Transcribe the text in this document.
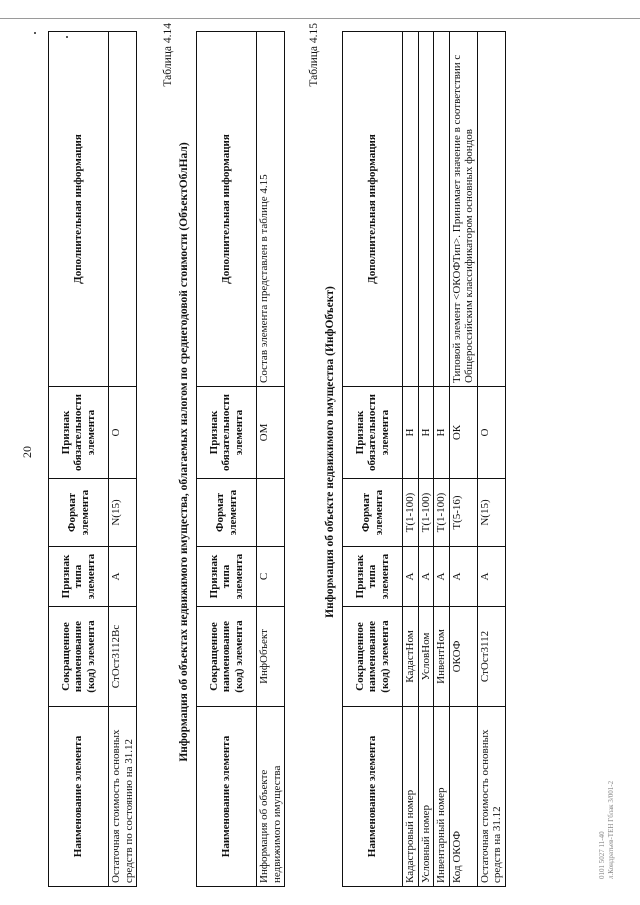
20
Наименование элемента	Сокращенное наименование (код) элемента	Признак типа элемента	Формат элемента	Признак обязательности элемента	Дополнительная информация
Остаточная стоимость основных средств по состоянию на 31.12	СтОст3112Вс	А	N(15)	О	
Таблица 4.14
Информация об объектах недвижимого имущества, облагаемых налогом по среднегодовой стоимости (ОбъектОблНал)
Наименование элемента	Сокращенное наименование (код) элемента	Признак типа элемента	Формат элемента	Признак обязательности элемента	Дополнительная информация
Информация об объекте недвижимого имущества	ИнфОбъект	С		ОМ	Состав элемента представлен в таблице 4.15
Таблица 4.15
Информация об объекте недвижимого имущества (ИнфОбъект)
Наименование элемента	Сокращенное наименование (код) элемента	Признак типа элемента	Формат элемента	Признак обязательности элемента	Дополнительная информация
Кадастровый номер	КадастНом	А	Т(1-100)	Н	
Условный номер	УсловНом	А	Т(1-100)	Н	
Инвентарный номер	ИнвентНом	А	Т(1-100)	Н	
Код ОКОФ	ОКОФ	А	Т(5-16)	ОК	Типовой элемент <ОКОФТип>. Принимает значение в соответствии с Общероссийским классификатором основных фондов
Остаточная стоимость основных средств на 31.12	СтОст3112	А	N(15)	О	
0101 5027 11-40 л.Кондратьев-ТЕН Гблак 3/001-2
